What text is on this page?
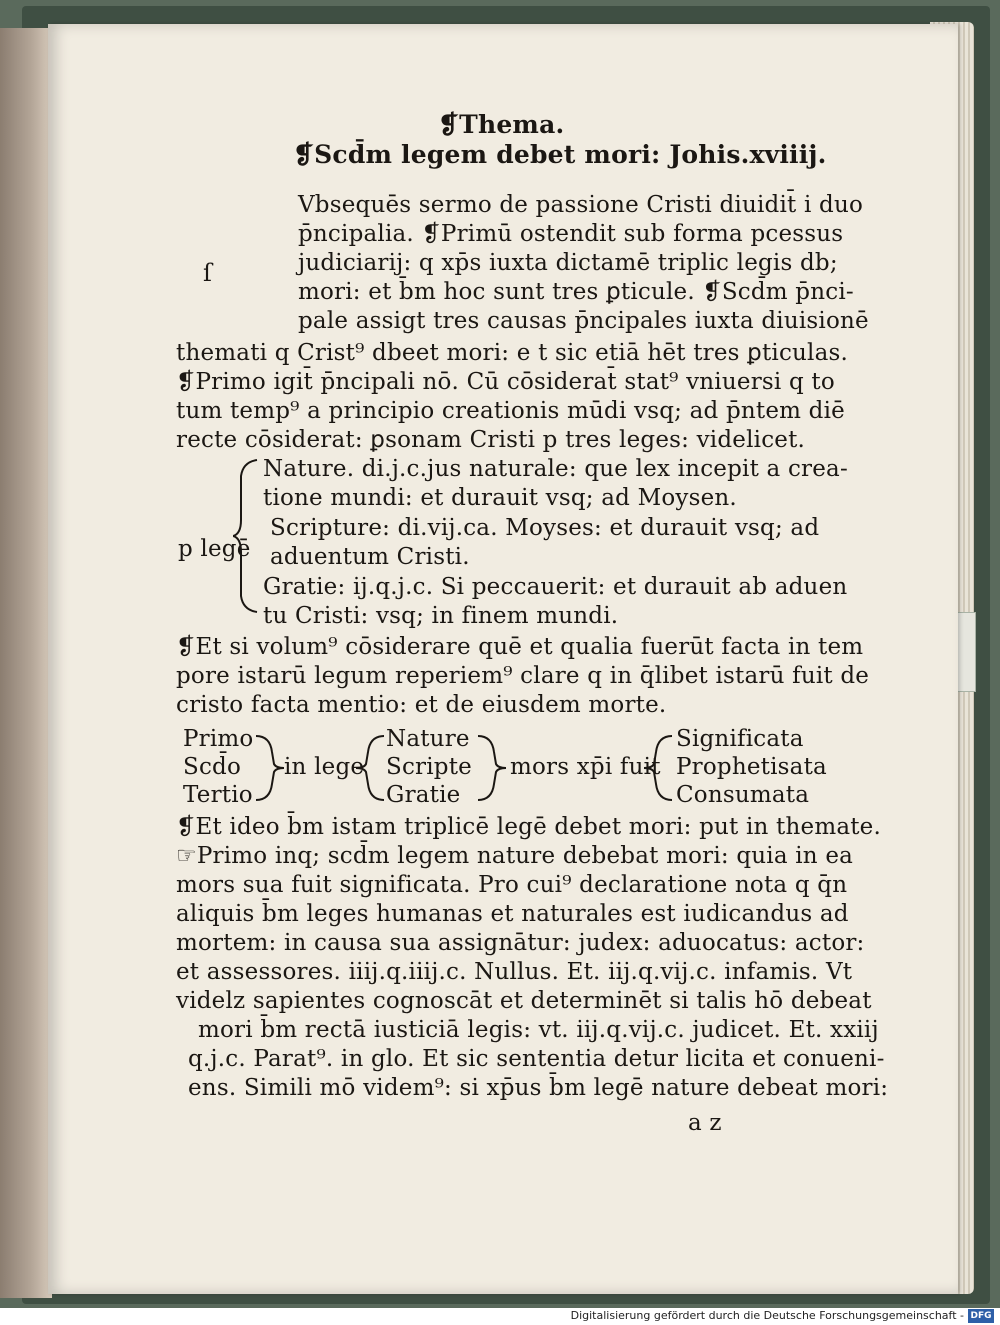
❡Thema.
❡Scd̄m legem debet mori: Johis.xviiij.
ſ
Vbsequēs sermo de passione Cristi diuidit̄ i duo
p̄ncipalia. ❡Primū ostendit sub forma pcessus
judiciarij: q xp̄s iuxta dictamē triplic legis db;
mori: et b̄m hoc sunt tres ꝑticule. ❡Scd̄m p̄nci-
pale assigt tres causas p̄ncipales iuxta diuisionē
themati q Crist⁹ dbeet mori: e t sic etiā hēt tres ꝑticulas.
❡Primo igit̄ p̄ncipali nō. Cū cōsiderat̄ stat⁹ vniuersi q to
tum temp⁹ a principio creationis mūdi vsq; ad p̄ntem diē
recte cōsiderat: ꝑsonam Cristi p tres leges: videlicet.
p legē
Nature. di.j.c.jus naturale: que lex incepit a crea-
tione mundi: et durauit vsq; ad Moysen.
Scripture: di.vij.ca. Moyses: et durauit vsq; ad
aduentum Cristi.
Gratie: ij.q.j.c. Si peccauerit: et durauit ab aduen
tu Cristi: vsq; in finem mundi.
❡Et si volum⁹ cōsiderare quē et qualia fuerūt facta in tem
pore istarū legum reperiem⁹ clare q in q̄libet istarū fuit de
cristo facta mentio: et de eiusdem morte.
Primo
Scd̄o
Tertio
in lege
Nature
Scripte
Gratie
mors xp̄i fuit
Significata
Prophetisata
Consumata
❡Et ideo b̄m istam triplicē legē debet mori: put in themate.
☞Primo inq; scd̄m legem nature debebat mori: quia in ea
mors sua fuit significata. Pro cui⁹ declaratione nota q q̄n
aliquis b̄m leges humanas et naturales est iudicandus ad
mortem: in causa sua assignātur: judex: aduocatus: actor:
et assessores. iiij.q.iiij.c. Nullus. Et. iij.q.vij.c. infamis. Vt
videlz sapientes cognoscāt et determinēt si talis hō debeat
mori b̄m rectā iusticiā legis: vt. iij.q.vij.c. judicet. Et. xxiij
q.j.c. Parat⁹. in glo. Et sic sententia detur licita et conueni-
ens. Simili mō videm⁹: si xp̄us b̄m legē nature debeat mori:
a z
Digitalisierung gefördert durch die Deutsche Forschungsgemeinschaft - DFG
